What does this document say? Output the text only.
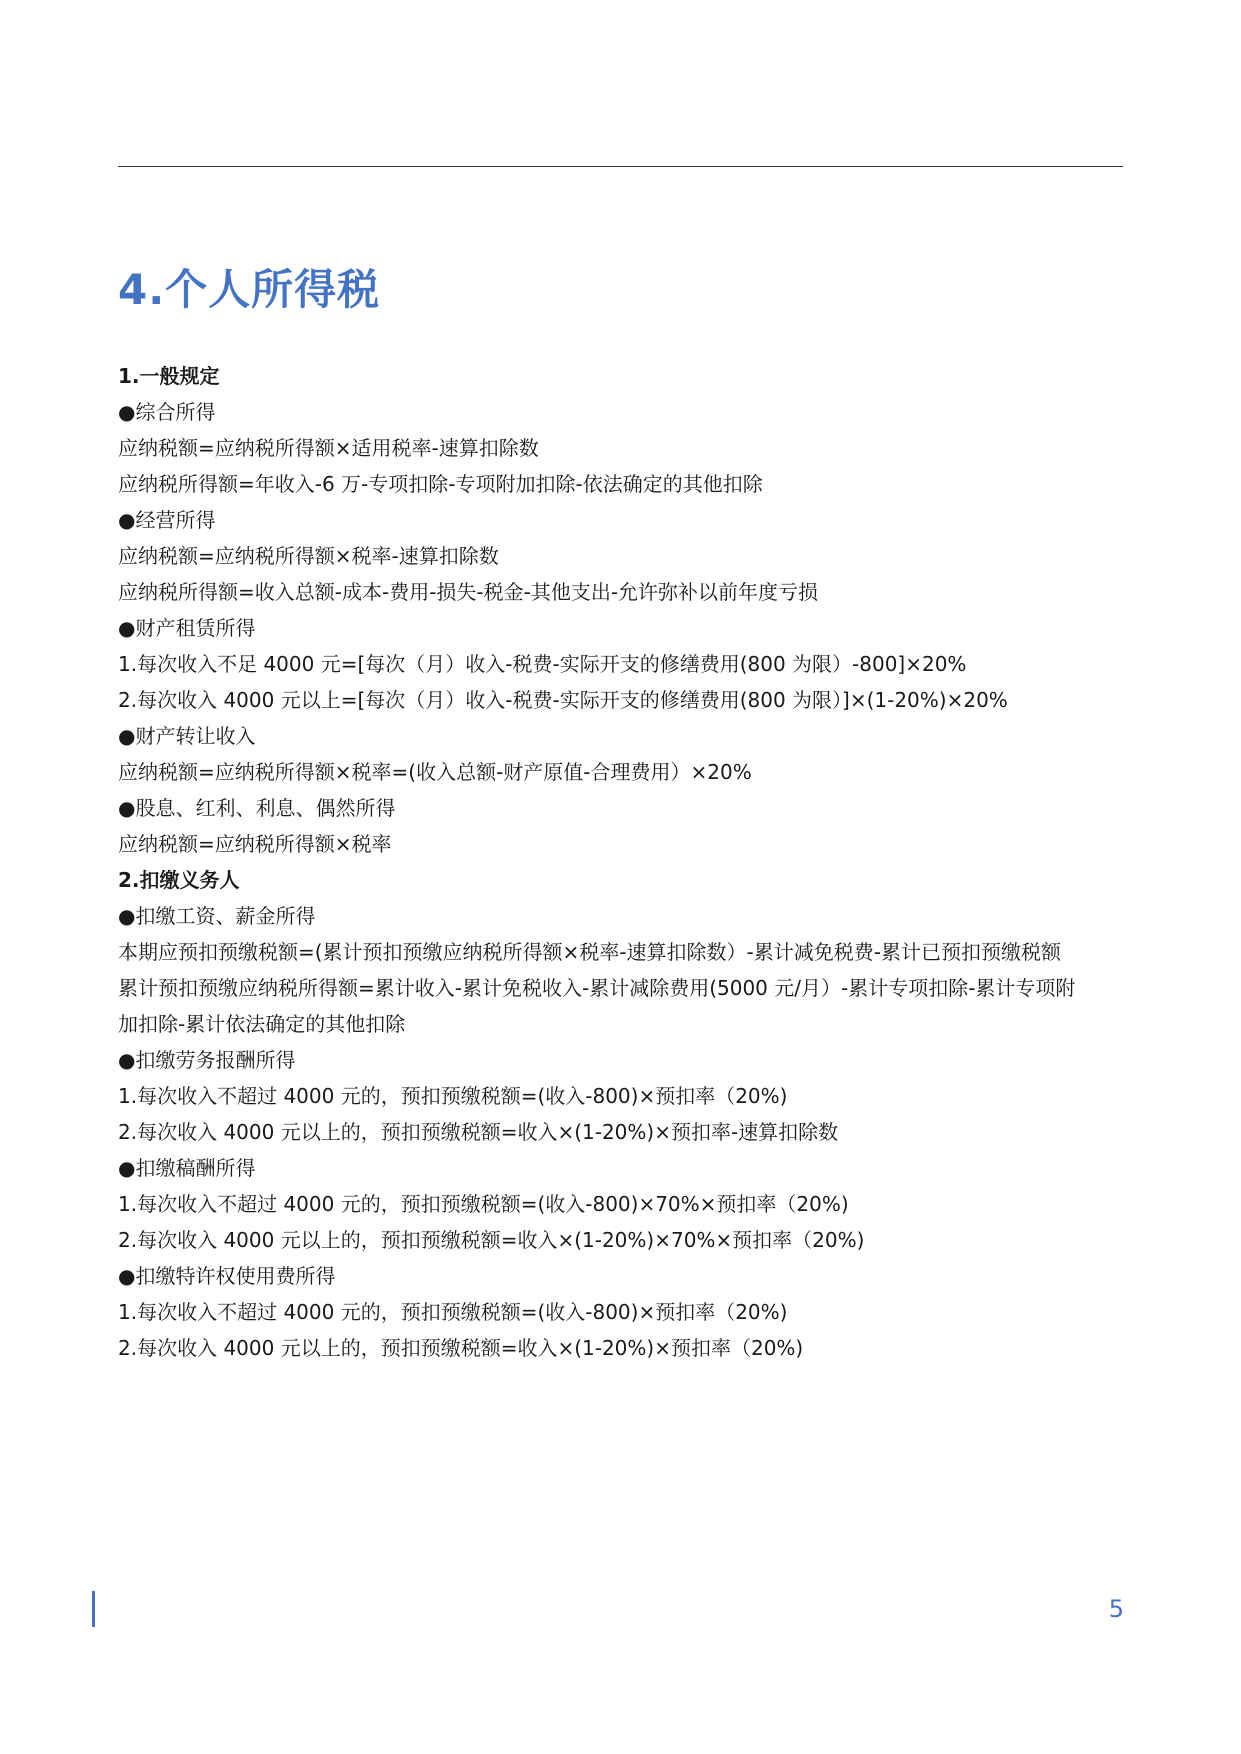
4.个人所得税
1.一般规定
●综合所得
应纳税额=应纳税所得额×适用税率-速算扣除数
应纳税所得额=年收入-6 万-专项扣除-专项附加扣除-依法确定的其他扣除
●经营所得
应纳税额=应纳税所得额×税率-速算扣除数
应纳税所得额=收入总额-成本-费用-损失-税金-其他支出-允许弥补以前年度亏损
●财产租赁所得
1.每次收入不足 4000 元=[每次（月）收入-税费-实际开支的修缮费用(800 为限）-800]×20%
2.每次收入 4000 元以上=[每次（月）收入-税费-实际开支的修缮费用(800 为限）]×(1-20%)×20%
●财产转让收入
应纳税额=应纳税所得额×税率=(收入总额-财产原值-合理费用）×20%
●股息、红利、利息、偶然所得
应纳税额=应纳税所得额×税率
2.扣缴义务人
●扣缴工资、薪金所得
本期应预扣预缴税额=(累计预扣预缴应纳税所得额×税率-速算扣除数）-累计减免税费-累计已预扣预缴税额
累计预扣预缴应纳税所得额=累计收入-累计免税收入-累计减除费用(5000 元/月）-累计专项扣除-累计专项附
加扣除-累计依法确定的其他扣除
●扣缴劳务报酬所得
1.每次收入不超过 4000 元的，预扣预缴税额=(收入-800)×预扣率（20%)
2.每次收入 4000 元以上的，预扣预缴税额=收入×(1-20%)×预扣率-速算扣除数
●扣缴稿酬所得
1.每次收入不超过 4000 元的，预扣预缴税额=(收入-800)×70%×预扣率（20%)
2.每次收入 4000 元以上的，预扣预缴税额=收入×(1-20%)×70%×预扣率（20%)
●扣缴特许权使用费所得
1.每次收入不超过 4000 元的，预扣预缴税额=(收入-800)×预扣率（20%)
2.每次收入 4000 元以上的，预扣预缴税额=收入×(1-20%)×预扣率（20%)
5
